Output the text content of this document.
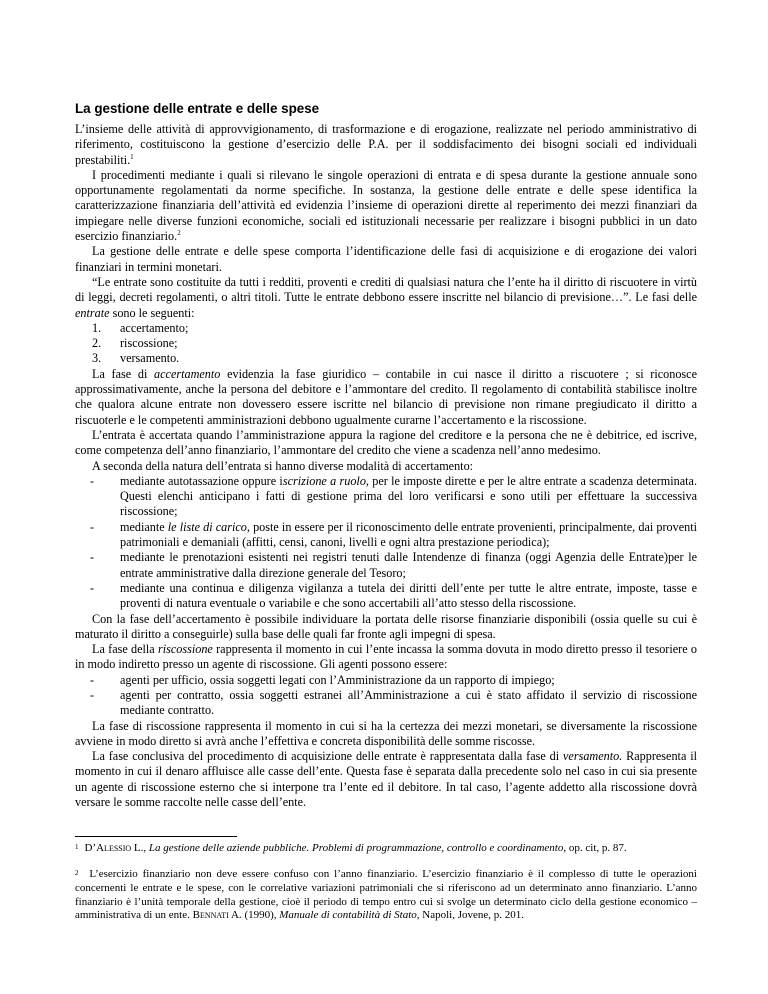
La gestione delle entrate e delle spese

L’insieme delle attività di approvvigionamento, di trasformazione e di erogazione, realizzate nel periodo amministrativo di riferimento, costituiscono la gestione d’esercizio delle P.A. per il soddisfacimento dei bisogni sociali ed individuali prestabiliti.$^1$

I procedimenti mediante i quali si rilevano le singole operazioni di entrata e di spesa durante la gestione annuale sono opportunamente regolamentati da norme specifiche. In sostanza, la gestione delle entrate e delle spese identifica la caratterizzazione finanziaria dell’attività ed evidenzia l’insieme di operazioni dirette al reperimento dei mezzi finanziari da impiegare nelle diverse funzioni economiche, sociali ed istituzionali necessarie per realizzare i bisogni pubblici in un dato esercizio finanziario.$^2$

La gestione delle entrate e delle spese comporta l’identificazione delle fasi di acquisizione e di erogazione dei valori finanziari in termini monetari.

“Le entrate sono costituite da tutti i redditi, proventi e crediti di qualsiasi natura che l’ente ha il diritto di riscuotere in virtù di leggi, decreti regolamenti, o altri titoli. Tutte le entrate debbono essere inscritte nel bilancio di previsione…”. Le fasi delle entrate sono le seguenti:

1. accertamento;

2. riscossione;

3. versamento.

La fase di accertamento evidenzia la fase giuridico – contabile in cui nasce il diritto a riscuotere ; si riconosce approssimativamente, anche la persona del debitore e l’ammontare del credito. Il regolamento di contabilità stabilisce inoltre che qualora alcune entrate non dovessero essere iscritte nel bilancio di previsione non rimane pregiudicato il diritto a riscuoterle e le competenti amministrazioni debbono ugualmente curarne l’accertamento e la riscossione.

L’entrata è accertata quando l’amministrazione appura la ragione del creditore e la persona che ne è debitrice, ed iscrive, come competenza dell’anno finanziario, l’ammontare del credito che viene a scadenza nell’anno medesimo.

A seconda della natura dell’entrata si hanno diverse modalità di accertamento:

- mediante autotassazione oppure iscrizione a ruolo, per le imposte dirette e per le altre entrate a scadenza determinata. Questi elenchi anticipano i fatti di gestione prima del loro verificarsi e sono utili per effettuare la successiva riscossione;

- mediante le liste di carico, poste in essere per il riconoscimento delle entrate provenienti, principalmente, dai proventi patrimoniali e demaniali (affitti, censi, canoni, livelli e ogni altra prestazione periodica);

- mediante le prenotazioni esistenti nei registri tenuti dalle Intendenze di finanza (oggi Agenzia delle Entrate)per le entrate amministrative dalla direzione generale del Tesoro;

- mediante una continua e diligenza vigilanza a tutela dei diritti dell’ente per tutte le altre entrate, imposte, tasse e proventi di natura eventuale o variabile e che sono accertabili all’atto stesso della riscossione.

Con la fase dell’accertamento è possibile individuare la portata delle risorse finanziarie disponibili (ossia quelle su cui è maturato il diritto a conseguirle) sulla base delle quali far fronte agli impegni di spesa.

La fase della riscossione rappresenta il momento in cui l’ente incassa la somma dovuta in modo diretto presso il tesoriere o in modo indiretto presso un agente di riscossione. Gli agenti possono essere:

- agenti per ufficio, ossia soggetti legati con l’Amministrazione da un rapporto di impiego;

- agenti per contratto, ossia soggetti estranei all’Amministrazione a cui è stato affidato il servizio di riscossione mediante contratto.

La fase di riscossione rappresenta il momento in cui si ha la certezza dei mezzi monetari, se diversamente la riscossione avviene in modo diretto si avrà anche l’effettiva e concreta disponibilità delle somme riscosse.

La fase conclusiva del procedimento di acquisizione delle entrate è rappresentata dalla fase di versamento. Rappresenta il momento in cui il denaro affluisce alle casse dell’ente. Questa fase è separata dalla precedente solo nel caso in cui sia presente un agente di riscossione esterno che si interpone tra l’ente ed il debitore. In tal caso, l’agente addetto alla riscossione dovrà versare le somme raccolte nelle casse dell’ente.

$^1$ D’Alessio L., La gestione delle aziende pubbliche. Problemi di programmazione, controllo e coordinamento, op. cit, p. 87.

$^2$ L’esercizio finanziario non deve essere confuso con l’anno finanziario. L’esercizio finanziario è il complesso di tutte le operazioni concernenti le entrate e le spese, con le correlative variazioni patrimoniali che si riferiscono ad un determinato anno finanziario. L’anno finanziario è l’unità temporale della gestione, cioè il periodo di tempo entro cui si svolge un determinato ciclo della gestione economico – amministrativa di un ente. Bennati A. (1990), Manuale di contabilità di Stato, Napoli, Jovene, p. 201.
